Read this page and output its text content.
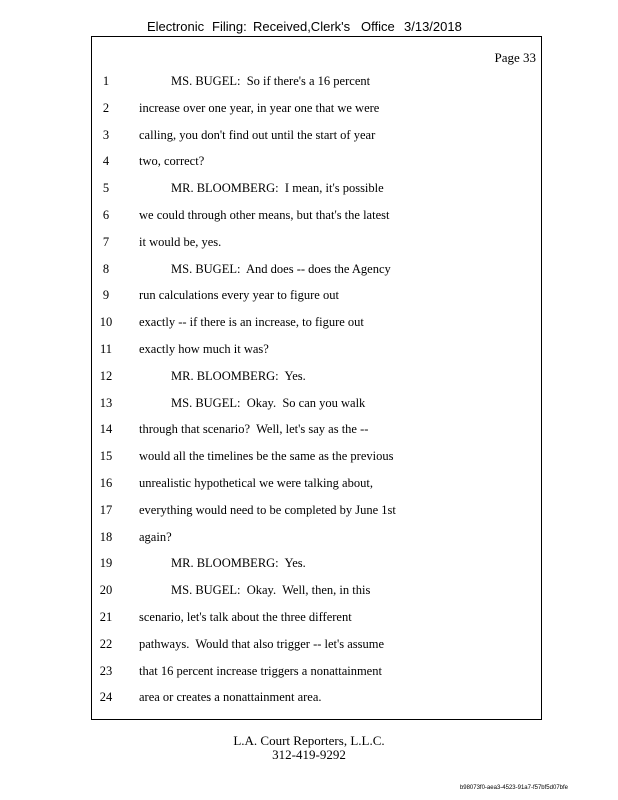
Electronic Filing: Received,Clerk's Office 3/13/2018
Page 33
1	MS. BUGEL:  So if there's a 16 percent
2	increase over one year, in year one that we were
3	calling, you don't find out until the start of year
4	two, correct?
5	MR. BLOOMBERG:  I mean, it's possible
6	we could through other means, but that's the latest
7	it would be, yes.
8	MS. BUGEL:  And does -- does the Agency
9	run calculations every year to figure out
10	exactly -- if there is an increase, to figure out
11	exactly how much it was?
12	MR. BLOOMBERG:  Yes.
13	MS. BUGEL:  Okay.  So can you walk
14	through that scenario?  Well, let's say as the --
15	would all the timelines be the same as the previous
16	unrealistic hypothetical we were talking about,
17	everything would need to be completed by June 1st
18	again?
19	MR. BLOOMBERG:  Yes.
20	MS. BUGEL:  Okay.  Well, then, in this
21	scenario, let's talk about the three different
22	pathways.  Would that also trigger -- let's assume
23	that 16 percent increase triggers a nonattainment
24	area or creates a nonattainment area.
L.A. Court Reporters, L.L.C.
312-419-9292
b98073f0-aea3-4523-91a7-f57bf5d07bfe
